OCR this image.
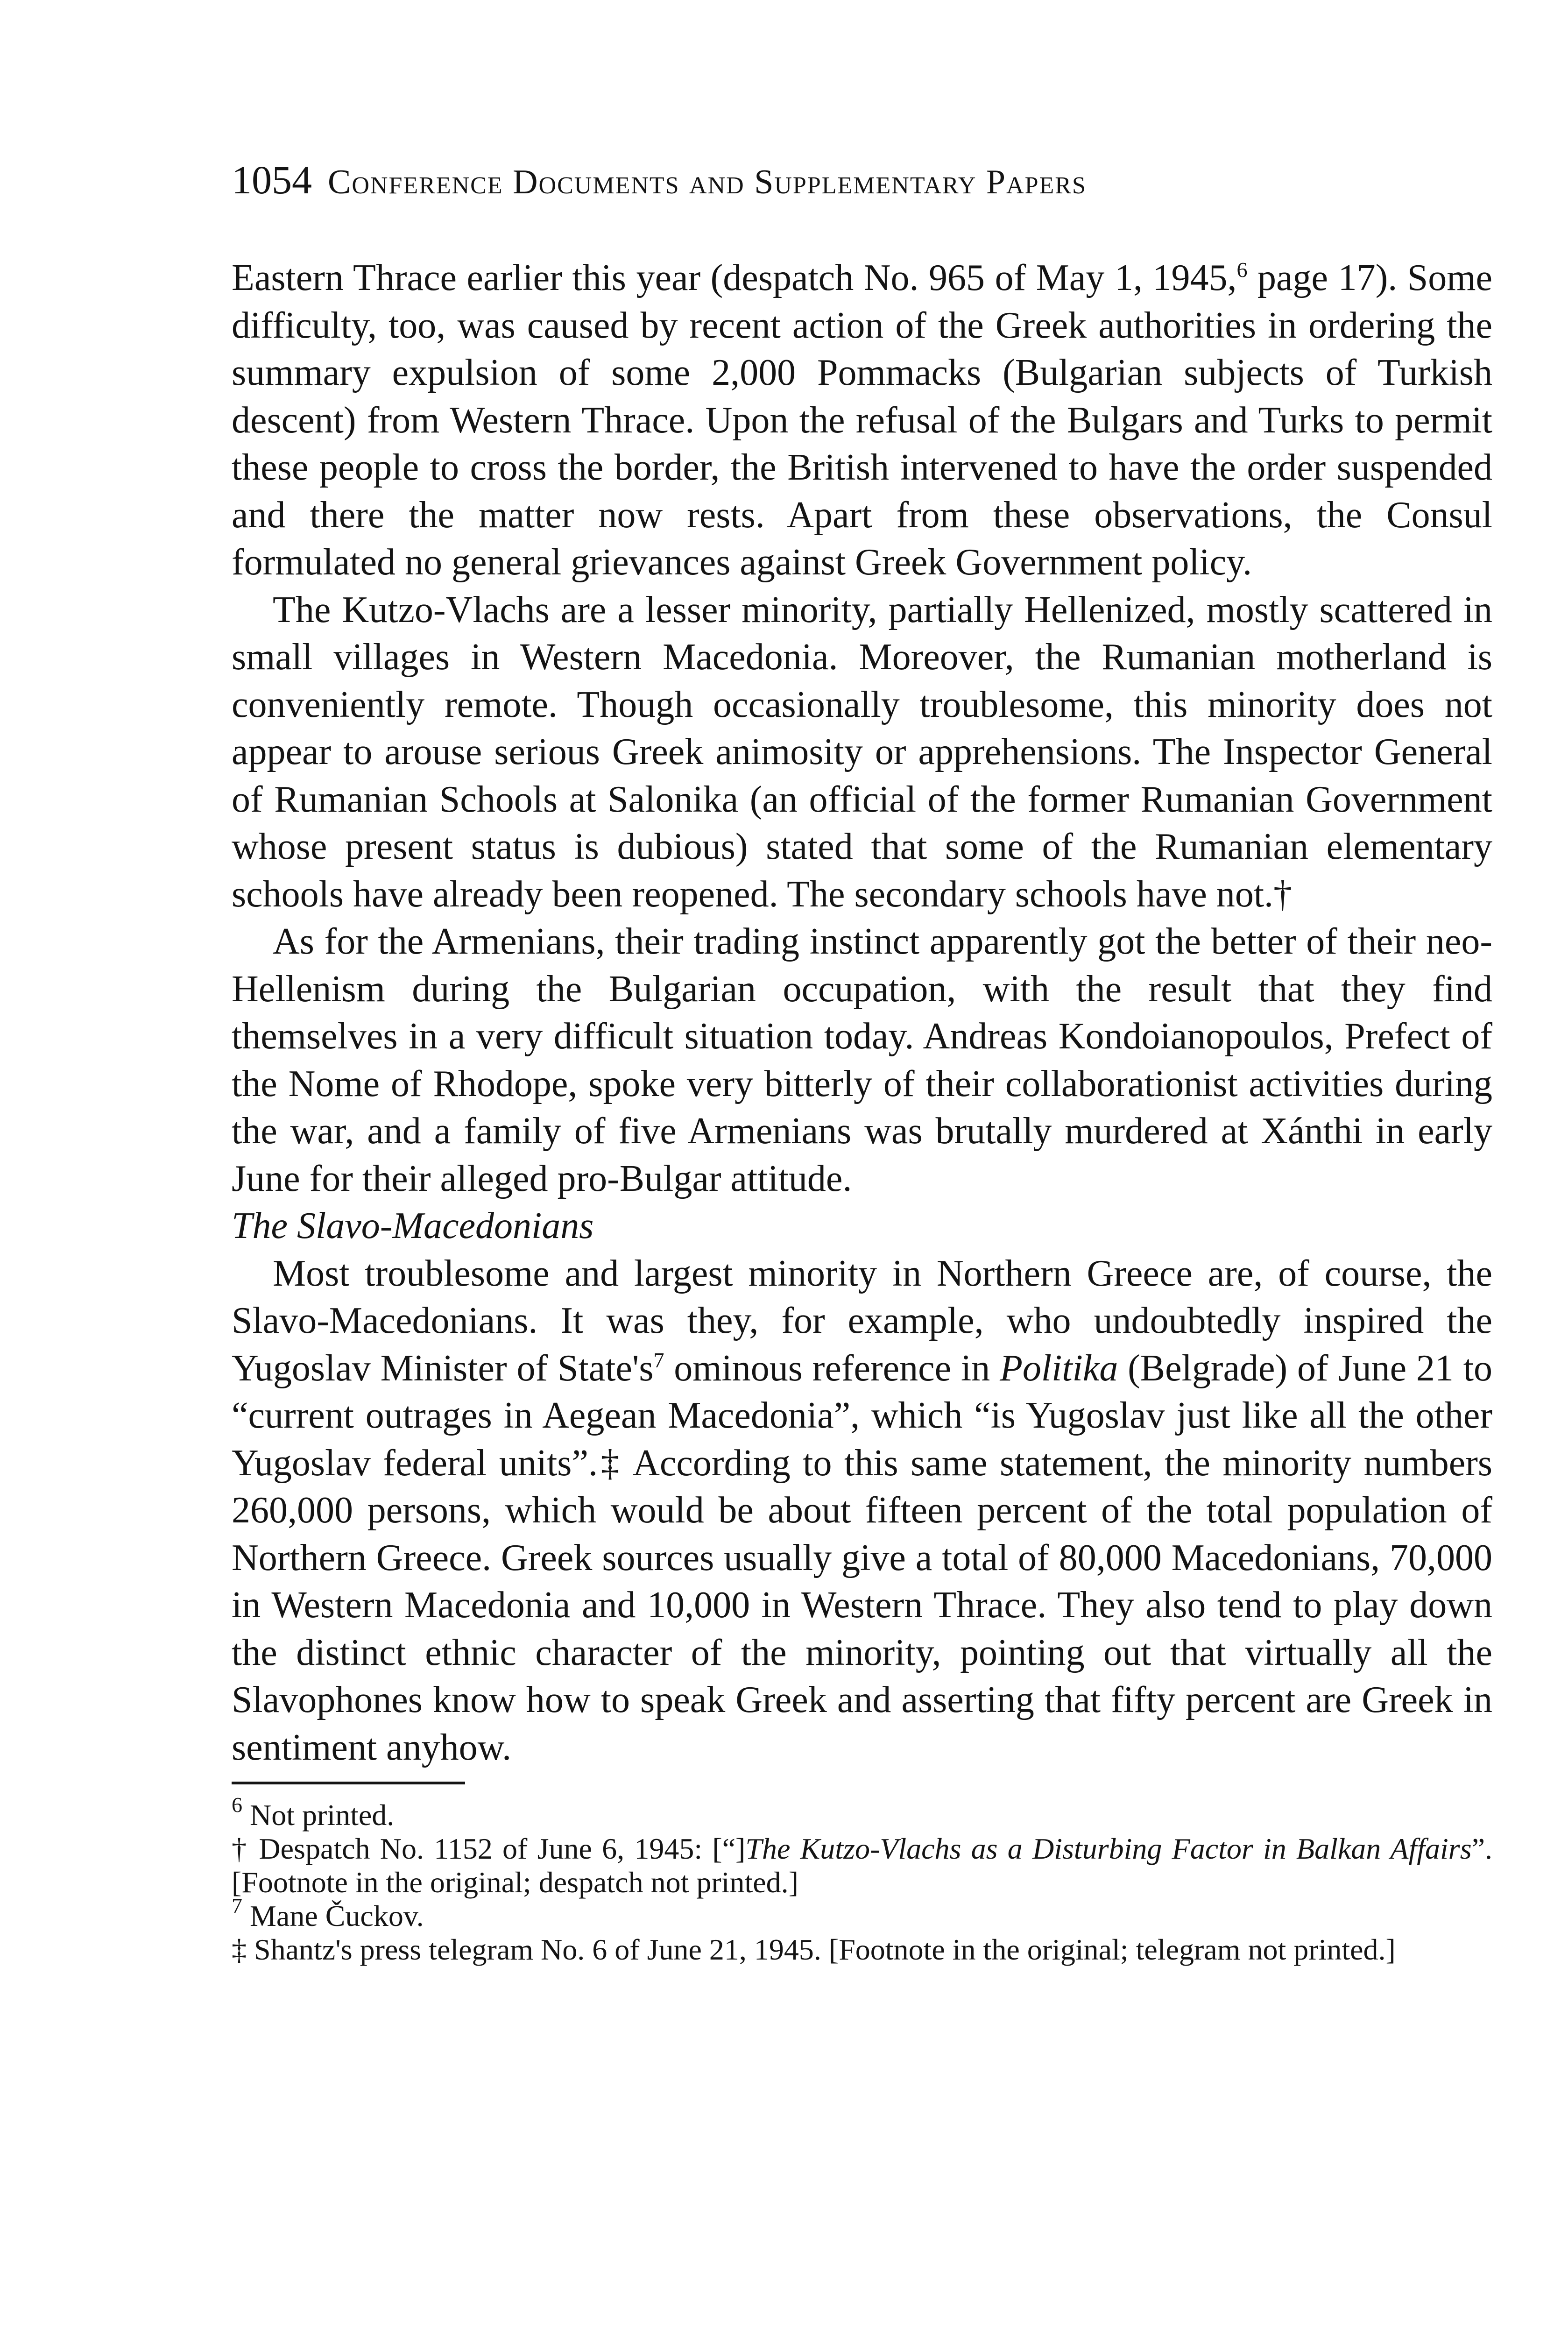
1054 Conference Documents and Supplementary Papers

Eastern Thrace earlier this year (despatch No. 965 of May 1, 1945,$^6$ page 17). Some difficulty, too, was caused by recent action of the Greek authorities in ordering the summary expulsion of some 2,000 Pommacks (Bulgarian subjects of Turkish descent) from Western Thrace. Upon the refusal of the Bulgars and Turks to permit these people to cross the border, the British intervened to have the order suspended and there the matter now rests. Apart from these observations, the Consul formulated no general grievances against Greek Government policy.

The Kutzo-Vlachs are a lesser minority, partially Hellenized, mostly scattered in small villages in Western Macedonia. Moreover, the Rumanian motherland is conveniently remote. Though occasionally troublesome, this minority does not appear to arouse serious Greek animosity or apprehensions. The Inspector General of Rumanian Schools at Salonika (an official of the former Rumanian Government whose present status is dubious) stated that some of the Rumanian elementary schools have already been reopened. The secondary schools have not.†

As for the Armenians, their trading instinct apparently got the better of their neo-Hellenism during the Bulgarian occupation, with the result that they find themselves in a very difficult situation today. Andreas Kondoianopoulos, Prefect of the Nome of Rhodope, spoke very bitterly of their collaborationist activities during the war, and a family of five Armenians was brutally murdered at Xánthi in early June for their alleged pro-Bulgar attitude.

The Slavo-Macedonians

Most troublesome and largest minority in Northern Greece are, of course, the Slavo-Macedonians. It was they, for example, who undoubtedly inspired the Yugoslav Minister of $State's^7$ ominous reference in Politika (Belgrade) of June 21 to “current outrages in Aegean Macedonia”, which “is Yugoslav just like all the other Yugoslav federal units”.‡ According to this same statement, the minority numbers 260,000 persons, which would be about fifteen percent of the total population of Northern Greece. Greek sources usually give a total of 80,000 Macedonians, 70,000 in Western Macedonia and 10,000 in Western Thrace. They also tend to play down the distinct ethnic character of the minority, pointing out that virtually all the Slavophones know how to speak Greek and asserting that fifty percent are Greek in sentiment anyhow.

$^6$ Not printed.

† Despatch No. 1152 of June 6, 1945: [“]The Kutzo-Vlachs as a Disturbing Factor in Balkan Affairs”. [Footnote in the original; despatch not printed.]

$^7$ Mane Čuckov.

‡ Shantz's press telegram No. 6 of June 21, 1945. [Footnote in the original; telegram not printed.]
